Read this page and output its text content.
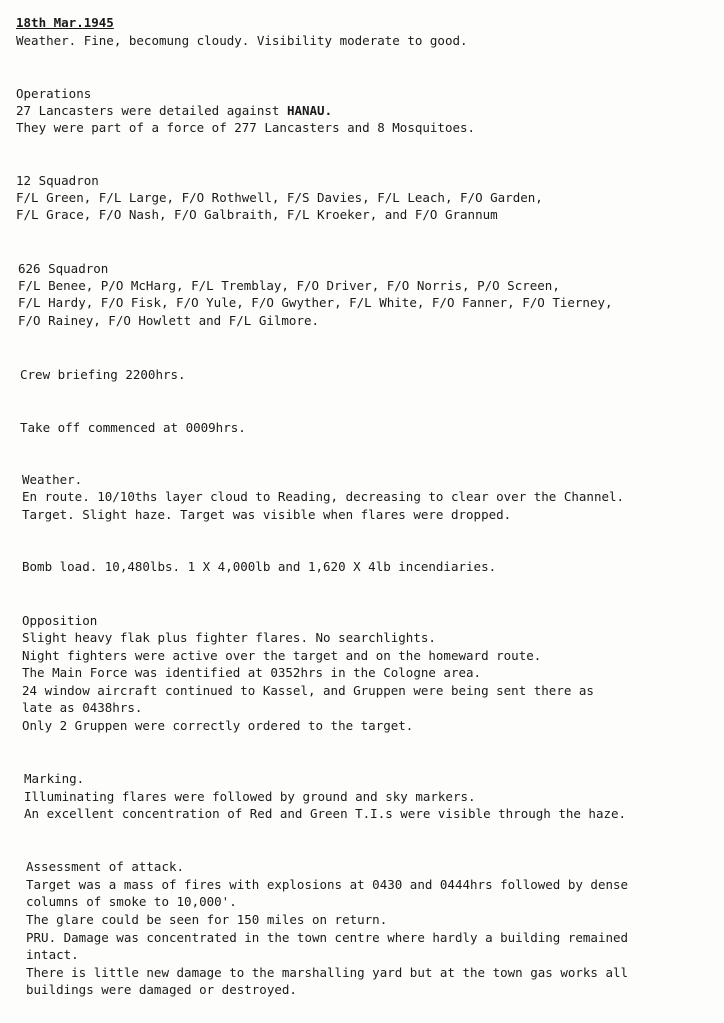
18th Mar.1945
Weather. Fine, becomung cloudy. Visibility moderate to good.
Operations
27 Lancasters were detailed against HANAU.
They were part of a force of 277 Lancasters and 8 Mosquitoes.
12 Squadron
F/L Green, F/L Large, F/O Rothwell, F/S Davies, F/L Leach, F/O Garden,
F/L Grace, F/O Nash, F/O Galbraith, F/L Kroeker, and F/O Grannum
626 Squadron
F/L Benee, P/O McHarg, F/L Tremblay, F/O Driver, F/O Norris, P/O Screen,
F/L Hardy, F/O Fisk, F/O Yule, F/O Gwyther, F/L White, F/O Fanner, F/O Tierney,
F/O Rainey, F/O Howlett and F/L Gilmore.
Crew briefing 2200hrs.
Take off commenced at 0009hrs.
Weather.
En route. 10/10ths layer cloud to Reading, decreasing to clear over the Channel.
Target. Slight haze. Target was visible when flares were dropped.
Bomb load. 10,480lbs. 1 X 4,000lb and 1,620 X 4lb incendiaries.
Opposition
Slight heavy flak plus fighter flares. No searchlights.
Night fighters were active over the target and on the homeward route.
The Main Force was identified at 0352hrs in the Cologne area.
24 window aircraft continued to Kassel, and Gruppen were being sent there as
late as 0438hrs.
Only 2 Gruppen were correctly ordered to the target.
Marking.
Illuminating flares were followed by ground and sky markers.
An excellent concentration of Red and Green T.I.s were visible through the haze.
Assessment of attack.
Target was a mass of fires with explosions at 0430 and 0444hrs followed by dense
columns of smoke to 10,000'.
The glare could be seen for 150 miles on return.
PRU. Damage was concentrated in the town centre where hardly a building remained
intact.
There is little new damage to the marshalling yard but at the town gas works all
buildings were damaged or destroyed.
